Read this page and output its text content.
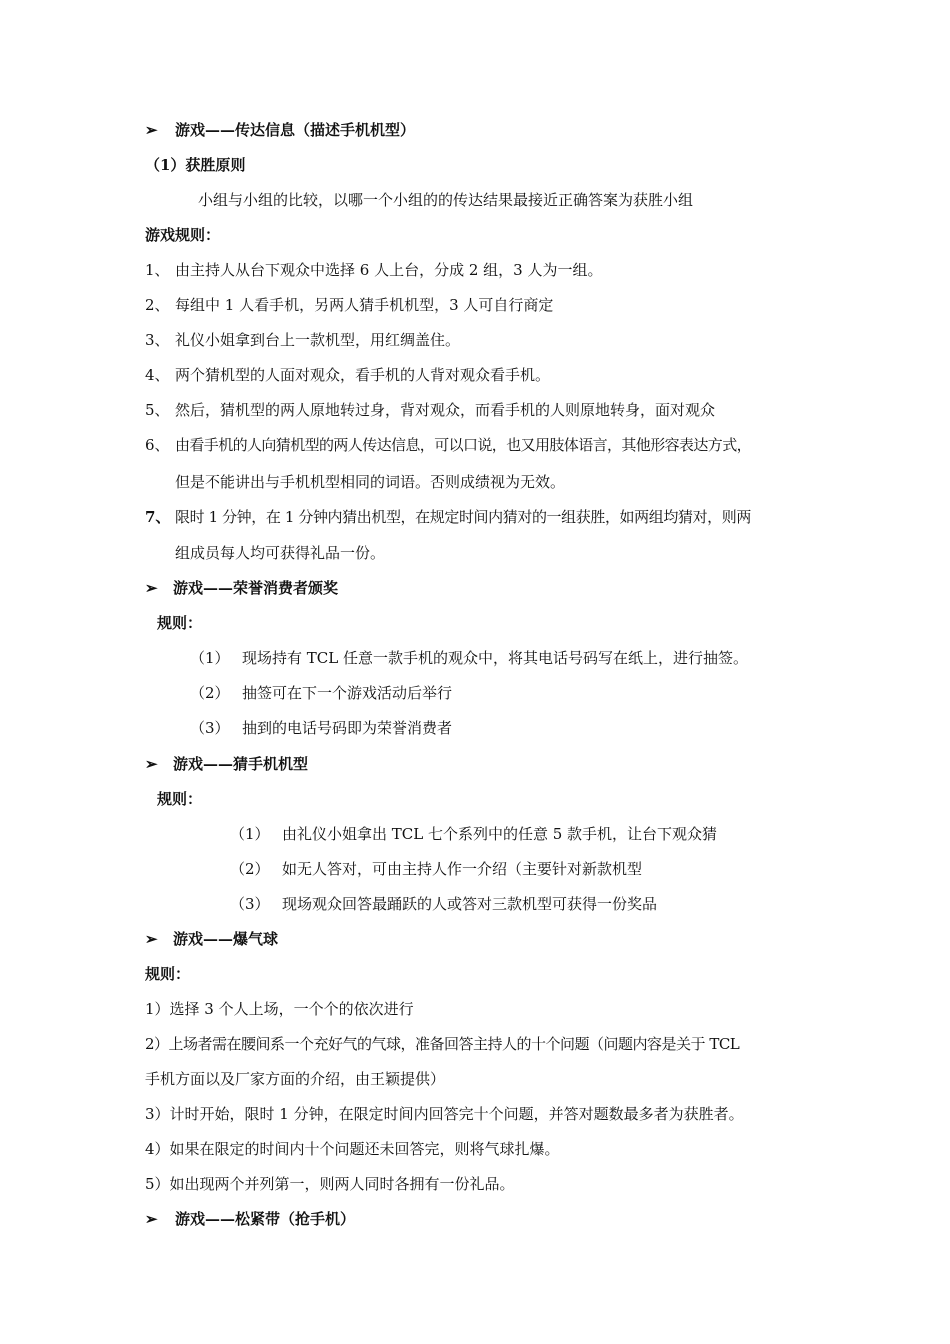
➢ 游戏——传达信息（描述手机机型）
（1）获胜原则
小组与小组的比较，以哪一个小组的的传达结果最接近正确答案为获胜小组
游戏规则：
1、 由主持人从台下观众中选择 6 人上台，分成 2 组，3 人为一组。
2、 每组中 1 人看手机，另两人猜手机机型，3 人可自行商定
3、 礼仪小姐拿到台上一款机型，用红绸盖住。
4、 两个猜机型的人面对观众，看手机的人背对观众看手机。
5、 然后，猜机型的两人原地转过身，背对观众，而看手机的人则原地转身，面对观众
6、 由看手机的人向猜机型的两人传达信息，可以口说，也又用肢体语言，其他形容表达方式，
但是不能讲出与手机机型相同的词语。否则成绩视为无效。
7、 限时 1 分钟，在 1 分钟内猜出机型，在规定时间内猜对的一组获胜，如两组均猜对，则两
组成员每人均可获得礼品一份。
➢ 游戏——荣誉消费者颁奖
规则：
（1） 现场持有 TCL 任意一款手机的观众中，将其电话号码写在纸上，进行抽签。
（2） 抽签可在下一个游戏活动后举行
（3） 抽到的电话号码即为荣誉消费者
➢ 游戏——猜手机机型
规则：
（1） 由礼仪小姐拿出 TCL 七个系列中的任意 5 款手机，让台下观众猜
（2） 如无人答对，可由主持人作一介绍（主要针对新款机型
（3） 现场观众回答最踊跃的人或答对三款机型可获得一份奖品
➢ 游戏——爆气球
规则：
1）选择 3 个人上场，一个个的依次进行
2）上场者需在腰间系一个充好气的气球，准备回答主持人的十个问题（问题内容是关于 TCL
手机方面以及厂家方面的介绍，由王颖提供）
3）计时开始，限时 1 分钟，在限定时间内回答完十个问题，并答对题数最多者为获胜者。
4）如果在限定的时间内十个问题还未回答完，则将气球扎爆。
5）如出现两个并列第一，则两人同时各拥有一份礼品。
➢ 游戏——松紧带（抢手机）
